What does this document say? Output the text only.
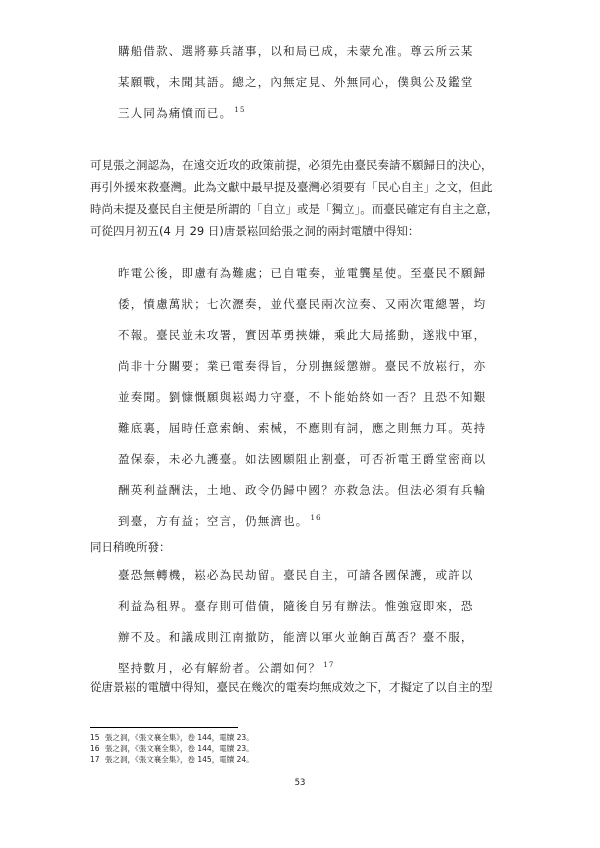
購船借款、選將募兵諸事，以和局已成，未蒙允准。尊云所云某
某願戰，未聞其語。總之，內無定見、外無同心，僕與公及鑑堂
三人同為痛憤而已。 $^{15}$
可見張之洞認為，在遠交近攻的政策前提，必須先由臺民奏請不願歸日的決心，
再引外援來救臺灣。此為文獻中最早提及臺灣必須要有「民心自主」之文，但此
時尚未提及臺民自主便是所謂的「自立」或是「獨立」。而臺民確定有自主之意，
可從四月初五(4 月 29 日)唐景崧回給張之洞的兩封電牘中得知：
昨電公後，即慮有為難處；已自電奏，並電龔星使。至臺民不願歸
倭，憤慮萬狀；七次瀝奏，並代臺民兩次泣奏、又兩次電總署，均
不報。臺民並未攻署，實因革勇挾嫌，乘此大局搖動，遂戕中軍，
尚非十分關要；業已電奏得旨，分別撫綏懲辦。臺民不放崧行，亦
並奏聞。劉慷慨願與崧竭力守臺，不卜能始終如一否？且恐不知艱
難底裏，屆時任意索餉、索械，不應則有詞，應之則無力耳。英持
盈保泰，未必九護臺。如法國願阻止割臺，可否祈電王爵堂密商以
酬英利益酬法，土地、政令仍歸中國？亦救急法。但法必須有兵輪
到臺，方有益；空言，仍無濟也。 $^{16}$
同日稍晚所發：
臺恐無轉機，崧必為民劫留。臺民自主，可請各國保護，或許以
利益為租界。臺存則可借債，隨後自另有辦法。惟強寇即來，恐
辦不及。和議成則江南撤防，能濟以軍火並餉百萬否？臺不服，
堅持數月，必有解紛者。公謂如何？ $^{17}$
從唐景崧的電牘中得知，臺民在幾次的電奏均無成效之下，才擬定了以自主的型
15 張之洞，《張文襄全集》，卷 144，電牘 23。
16 張之洞，《張文襄全集》，卷 144，電牘 23。
17 張之洞，《張文襄全集》，卷 145，電牘 24。
53
